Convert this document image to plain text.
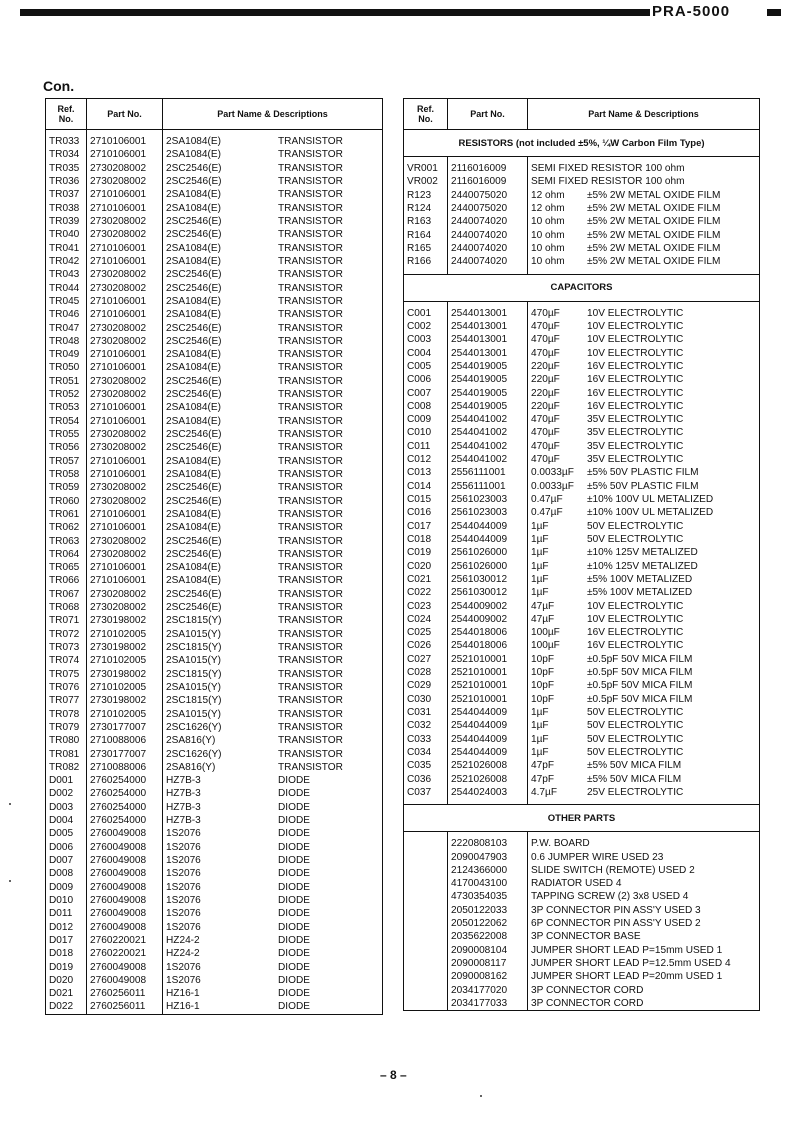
PRA-5000
Con.
Ref.
No.	Part No.	Part Name & Descriptions

TR033	2710106001	2SA1084(E) TRANSISTOR
TR034	2710106001	2SA1084(E) TRANSISTOR
TR035	2730208002	2SC2546(E) TRANSISTOR
TR036	2730208002	2SC2546(E) TRANSISTOR
TR037	2710106001	2SA1084(E) TRANSISTOR
TR038	2710106001	2SA1084(E) TRANSISTOR
TR039	2730208002	2SC2546(E) TRANSISTOR
TR040	2730208002	2SC2546(E) TRANSISTOR
TR041	2710106001	2SA1084(E) TRANSISTOR
TR042	2710106001	2SA1084(E) TRANSISTOR
TR043	2730208002	2SC2546(E) TRANSISTOR
TR044	2730208002	2SC2546(E) TRANSISTOR
TR045	2710106001	2SA1084(E) TRANSISTOR
TR046	2710106001	2SA1084(E) TRANSISTOR
TR047	2730208002	2SC2546(E) TRANSISTOR
TR048	2730208002	2SC2546(E) TRANSISTOR
TR049	2710106001	2SA1084(E) TRANSISTOR
TR050	2710106001	2SA1084(E) TRANSISTOR
TR051	2730208002	2SC2546(E) TRANSISTOR
TR052	2730208002	2SC2546(E) TRANSISTOR
TR053	2710106001	2SA1084(E) TRANSISTOR
TR054	2710106001	2SA1084(E) TRANSISTOR
TR055	2730208002	2SC2546(E) TRANSISTOR
TR056	2730208002	2SC2546(E) TRANSISTOR
TR057	2710106001	2SA1084(E) TRANSISTOR
TR058	2710106001	2SA1084(E) TRANSISTOR
TR059	2730208002	2SC2546(E) TRANSISTOR
TR060	2730208002	2SC2546(E) TRANSISTOR
TR061	2710106001	2SA1084(E) TRANSISTOR
TR062	2710106001	2SA1084(E) TRANSISTOR
TR063	2730208002	2SC2546(E) TRANSISTOR
TR064	2730208002	2SC2546(E) TRANSISTOR
TR065	2710106001	2SA1084(E) TRANSISTOR
TR066	2710106001	2SA1084(E) TRANSISTOR
TR067	2730208002	2SC2546(E) TRANSISTOR
TR068	2730208002	2SC2546(E) TRANSISTOR
TR071	2730198002	2SC1815(Y) TRANSISTOR
TR072	2710102005	2SA1015(Y) TRANSISTOR
TR073	2730198002	2SC1815(Y) TRANSISTOR
TR074	2710102005	2SA1015(Y) TRANSISTOR
TR075	2730198002	2SC1815(Y) TRANSISTOR
TR076	2710102005	2SA1015(Y) TRANSISTOR
TR077	2730198002	2SC1815(Y) TRANSISTOR
TR078	2710102005	2SA1015(Y) TRANSISTOR
TR079	2730177007	2SC1626(Y) TRANSISTOR
TR080	2710088006	2SA816(Y) TRANSISTOR
TR081	2730177007	2SC1626(Y) TRANSISTOR
TR082	2710088006	2SA816(Y) TRANSISTOR
D001	2760254000	HZ7B-3 DIODE
D002	2760254000	HZ7B-3 DIODE
D003	2760254000	HZ7B-3 DIODE
D004	2760254000	HZ7B-3 DIODE
D005	2760049008	1S2076 DIODE
D006	2760049008	1S2076 DIODE
D007	2760049008	1S2076 DIODE
D008	2760049008	1S2076 DIODE
D009	2760049008	1S2076 DIODE
D010	2760049008	1S2076 DIODE
D011	2760049008	1S2076 DIODE
D012	2760049008	1S2076 DIODE
D017	2760220021	HZ24-2 DIODE
D018	2760220021	HZ24-2 DIODE
D019	2760049008	1S2076 DIODE
D020	2760049008	1S2076 DIODE
D021	2760256011	HZ16-1 DIODE
D022	2760256011	HZ16-1 DIODE
Ref.
No.	Part No.	Part Name & Descriptions
RESISTORS (not included ±5%, ¼W Carbon Film Type)		

VR001	2116016009	SEMI FIXED RESISTOR 100 ohm
VR002	2116016009	SEMI FIXED RESISTOR 100 ohm
R123	2440075020	12 ohm ±5% 2W METAL OXIDE FILM
R124	2440075020	12 ohm ±5% 2W METAL OXIDE FILM
R163	2440074020	10 ohm ±5% 2W METAL OXIDE FILM
R164	2440074020	10 ohm ±5% 2W METAL OXIDE FILM
R165	2440074020	10 ohm ±5% 2W METAL OXIDE FILM
R166	2440074020	10 ohm ±5% 2W METAL OXIDE FILM

CAPACITORS		

C001	2544013001	470µF 10V ELECTROLYTIC
C002	2544013001	470µF 10V ELECTROLYTIC
C003	2544013001	470µF 10V ELECTROLYTIC
C004	2544013001	470µF 10V ELECTROLYTIC
C005	2544019005	220µF 16V ELECTROLYTIC
C006	2544019005	220µF 16V ELECTROLYTIC
C007	2544019005	220µF 16V ELECTROLYTIC
C008	2544019005	220µF 16V ELECTROLYTIC
C009	2544041002	470µF 35V ELECTROLYTIC
C010	2544041002	470µF 35V ELECTROLYTIC
C011	2544041002	470µF 35V ELECTROLYTIC
C012	2544041002	470µF 35V ELECTROLYTIC
C013	2556111001	0.0033µF ±5% 50V PLASTIC FILM
C014	2556111001	0.0033µF ±5% 50V PLASTIC FILM
C015	2561023003	0.47µF ±10% 100V UL METALIZED
C016	2561023003	0.47µF ±10% 100V UL METALIZED
C017	2544044009	1µF 50V ELECTROLYTIC
C018	2544044009	1µF 50V ELECTROLYTIC
C019	2561026000	1µF ±10% 125V METALIZED
C020	2561026000	1µF ±10% 125V METALIZED
C021	2561030012	1µF ±5% 100V METALIZED
C022	2561030012	1µF ±5% 100V METALIZED
C023	2544009002	47µF 10V ELECTROLYTIC
C024	2544009002	47µF 10V ELECTROLYTIC
C025	2544018006	100µF 16V ELECTROLYTIC
C026	2544018006	100µF 16V ELECTROLYTIC
C027	2521010001	10pF ±0.5pF 50V MICA FILM
C028	2521010001	10pF ±0.5pF 50V MICA FILM
C029	2521010001	10pF ±0.5pF 50V MICA FILM
C030	2521010001	10pF ±0.5pF 50V MICA FILM
C031	2544044009	1µF 50V ELECTROLYTIC
C032	2544044009	1µF 50V ELECTROLYTIC
C033	2544044009	1µF 50V ELECTROLYTIC
C034	2544044009	1µF 50V ELECTROLYTIC
C035	2521026008	47pF ±5% 50V MICA FILM
C036	2521026008	47pF ±5% 50V MICA FILM
C037	2544024003	4.7µF 25V ELECTROLYTIC

OTHER PARTS		

	2220808103	P.W. BOARD
	2090047903	0.6 JUMPER WIRE USED 23
	2124366000	SLIDE SWITCH (REMOTE) USED 2
	4170043100	RADIATOR USED 4
	4730354035	TAPPING SCREW (2) 3x8 USED 4
	2050122033	3P CONNECTOR PIN ASS'Y USED 3
	2050122062	6P CONNECTOR PIN ASS'Y USED 2
	2035622008	3P CONNECTOR BASE
	2090008104	JUMPER SHORT LEAD P=15mm USED 1
	2090008117	JUMPER SHORT LEAD P=12.5mm USED 4
	2090008162	JUMPER SHORT LEAD P=20mm USED 1
	2034177020	3P CONNECTOR CORD
	2034177033	3P CONNECTOR CORD
– 8 –
